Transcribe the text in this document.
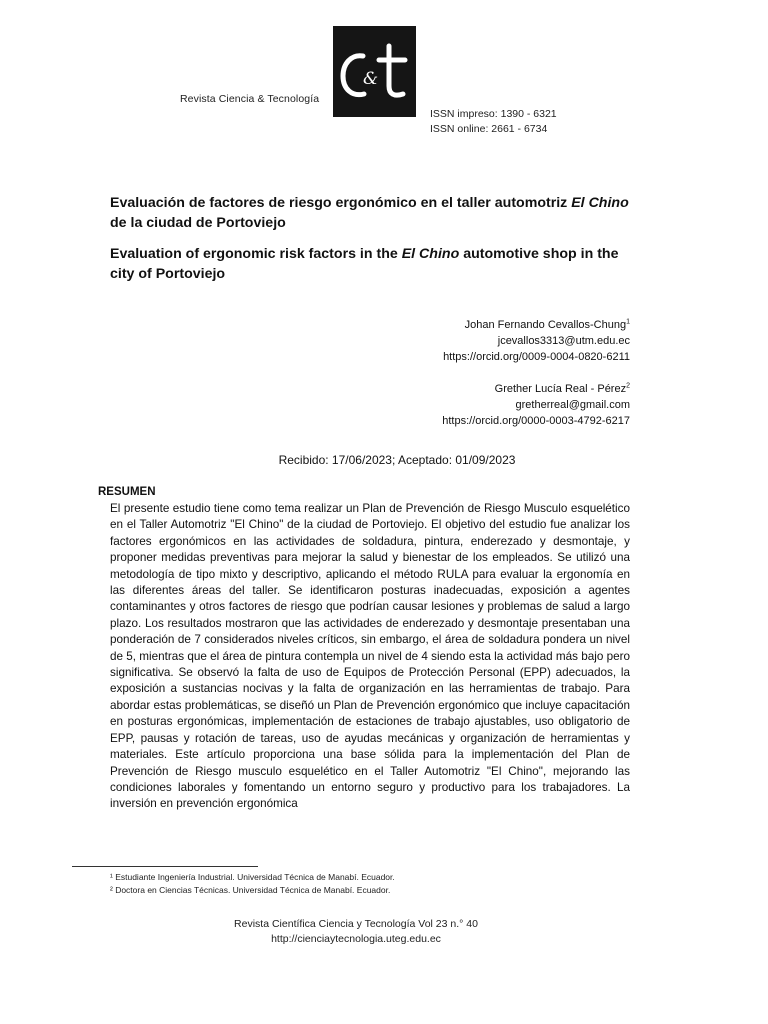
Revista Ciencia & Tecnología
&
ISSN impreso: 1390 - 6321
ISSN online: 2661 - 6734
Evaluación de factores de riesgo ergonómico en el taller automotriz El Chino de la ciudad de Portoviejo
Evaluation of ergonomic risk factors in the El Chino automotive shop in the city of Portoviejo

Johan Fernando Cevallos-Chung$^1$

jcevallos3313@utm.edu.ec

https://orcid.org/0009-0004-0820-6211

Grether Lucía Real - Pérez$^2$

gretherreal@gmail.com

https://orcid.org/0000-0003-4792-6217

Recibido: 17/06/2023; Aceptado: 01/09/2023
RESUMEN

El presente estudio tiene como tema realizar un Plan de Prevención de Riesgo Musculo esquelético en el Taller Automotriz "El Chino" de la ciudad de Portoviejo. El objetivo del estudio fue analizar los factores ergonómicos en las actividades de soldadura, pintura, enderezado y desmontaje, y proponer medidas preventivas para mejorar la salud y bienestar de los empleados. Se utilizó una metodología de tipo mixto y descriptivo, aplicando el método RULA para evaluar la ergonomía en las diferentes áreas del taller. Se identificaron posturas inadecuadas, exposición a agentes contaminantes y otros factores de riesgo que podrían causar lesiones y problemas de salud a largo plazo. Los resultados mostraron que las actividades de enderezado y desmontaje presentaban una ponderación de 7 considerados niveles críticos, sin embargo, el área de soldadura pondera un nivel de 5, mientras que el área de pintura contempla un nivel de 4 siendo esta la actividad más bajo pero significativa. Se observó la falta de uso de Equipos de Protección Personal (EPP) adecuados, la exposición a sustancias nocivas y la falta de organización en las herramientas de trabajo. Para abordar estas problemáticas, se diseñó un Plan de Prevención ergonómico que incluye capacitación en posturas ergonómicas, implementación de estaciones de trabajo ajustables, uso obligatorio de EPP, pausas y rotación de tareas, uso de ayudas mecánicas y organización de herramientas y materiales. Este artículo proporciona una base sólida para la implementación del Plan de Prevención de Riesgo musculo esquelético en el Taller Automotriz "El Chino", mejorando las condiciones laborales y fomentando un entorno seguro y productivo para los trabajadores. La inversión en prevención ergonómica

¹ Estudiante Ingeniería Industrial. Universidad Técnica de Manabí. Ecuador.

² Doctora en Ciencias Técnicas. Universidad Técnica de Manabí. Ecuador.

Revista Científica Ciencia y Tecnología Vol 23 n.° 40

http://cienciaytecnologia.uteg.edu.ec
